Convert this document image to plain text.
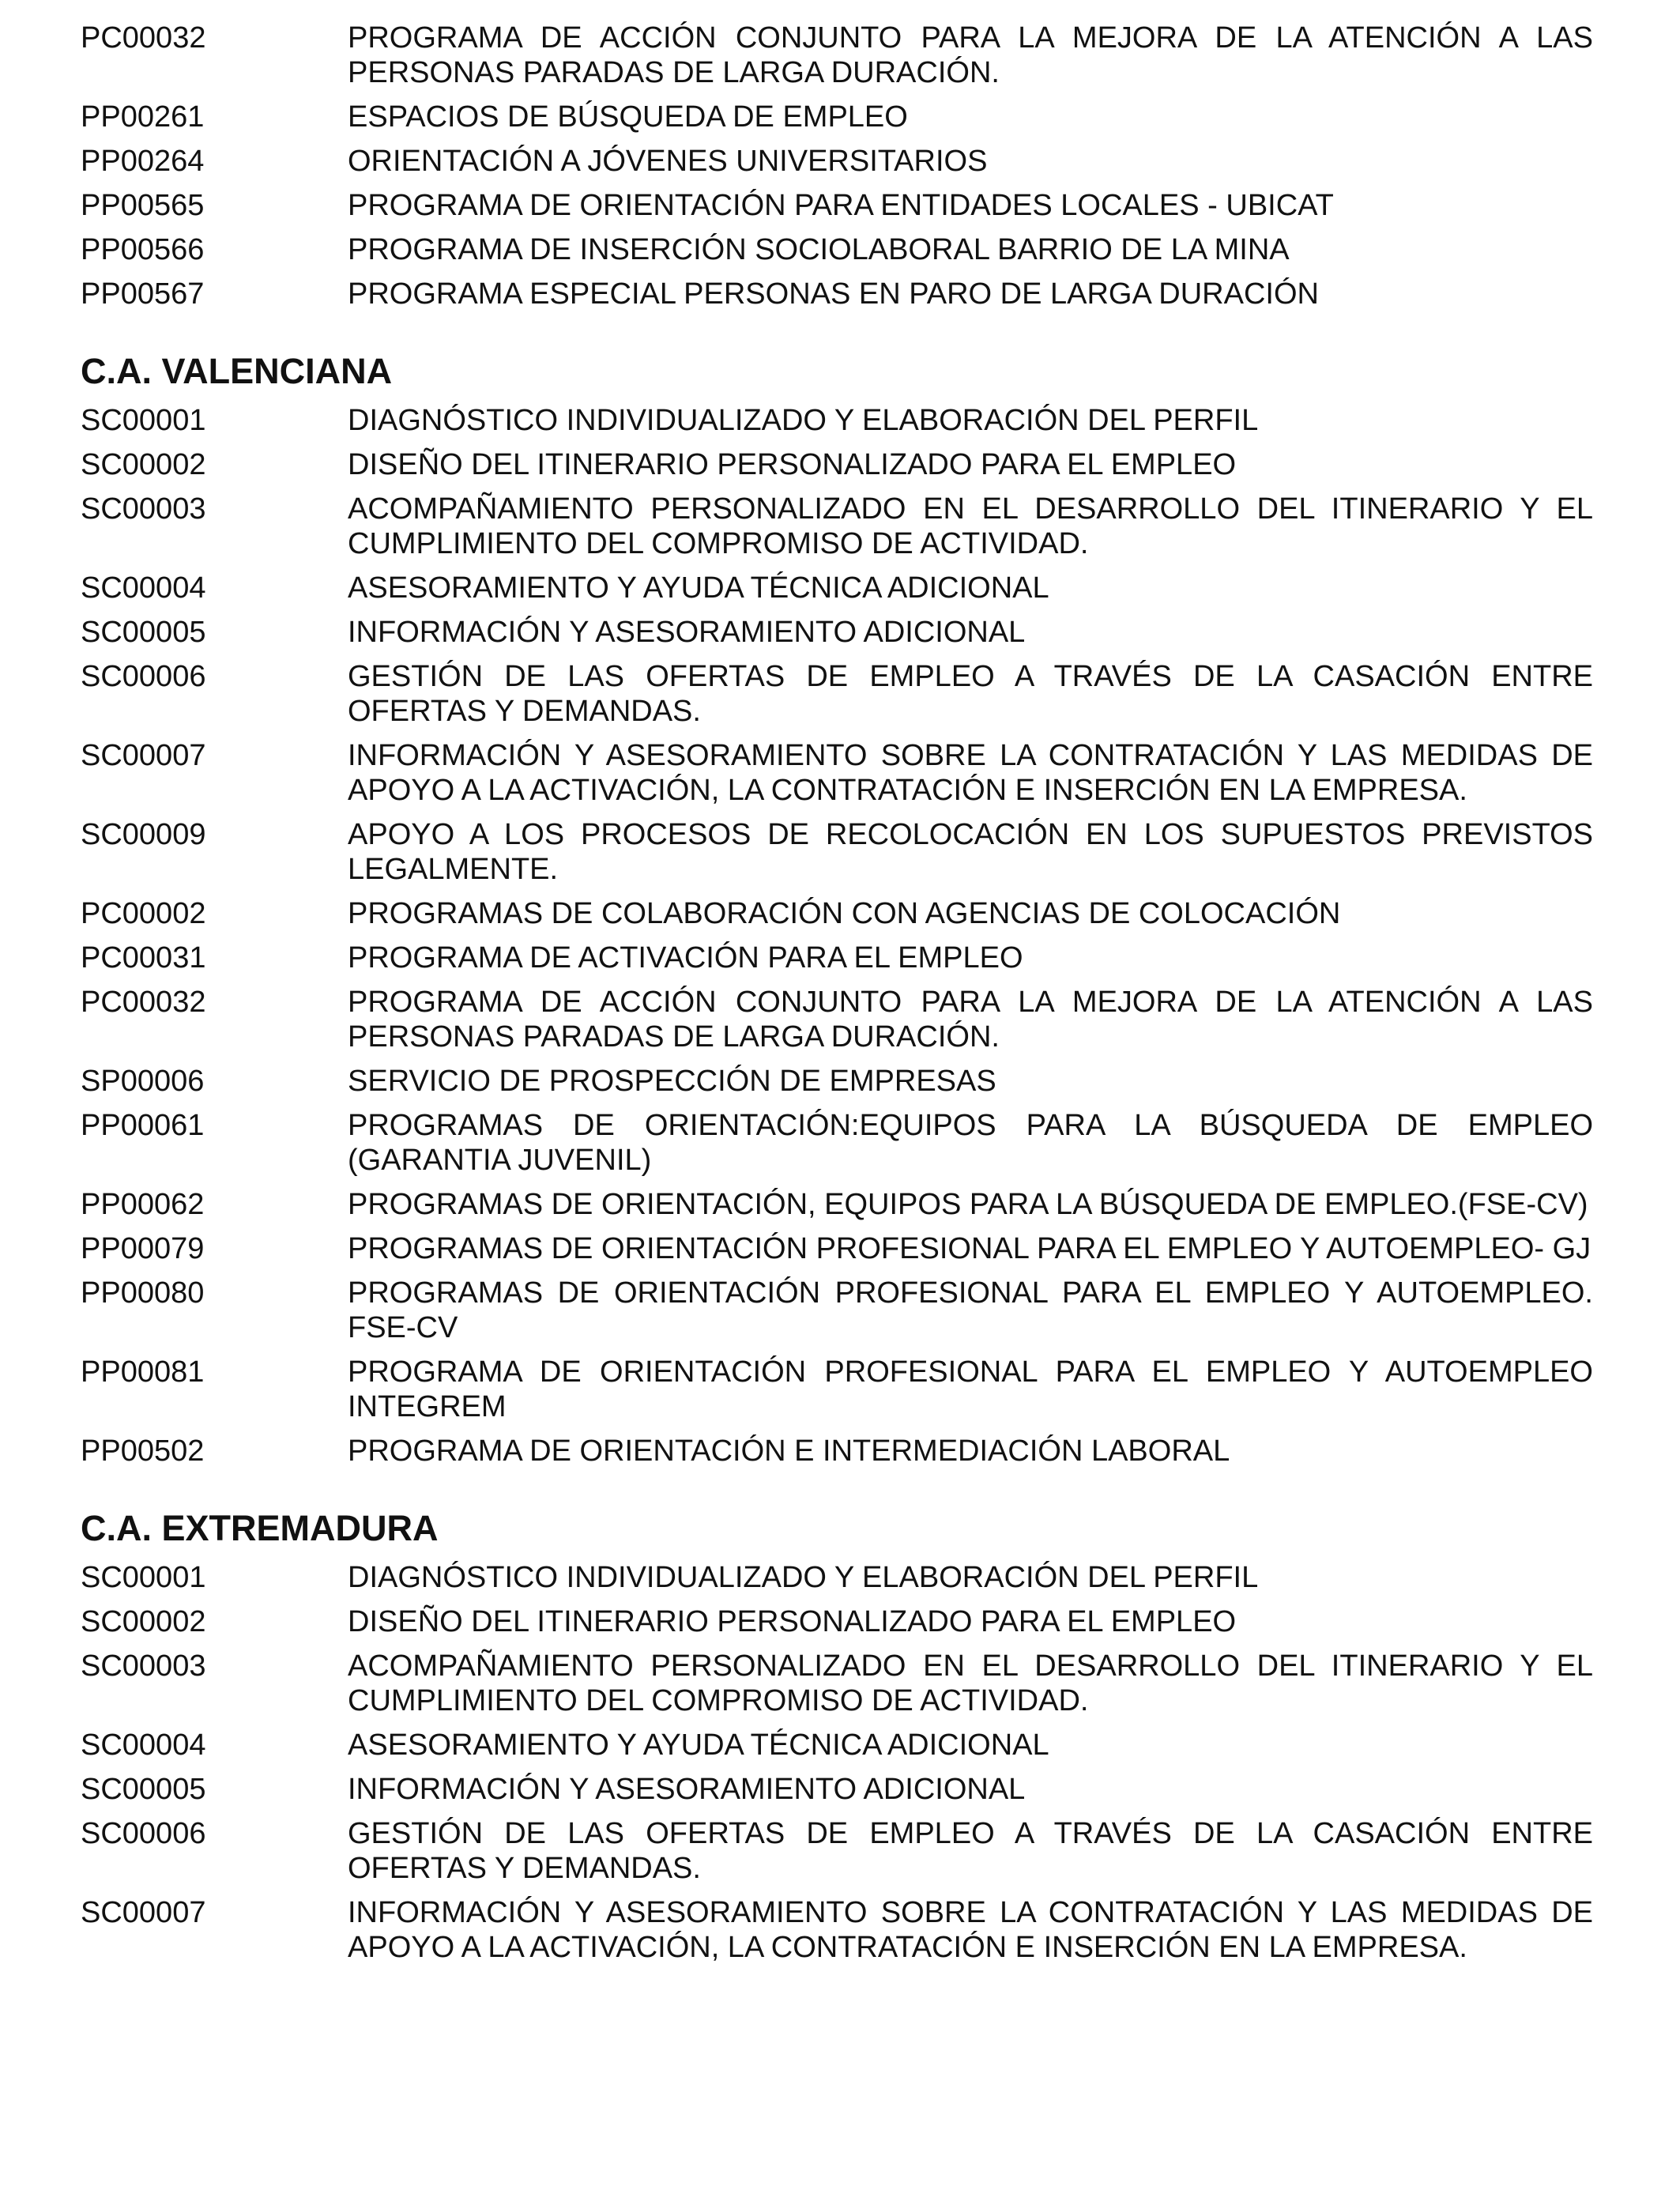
PC00032	PROGRAMA DE ACCIÓN CONJUNTO PARA LA MEJORA DE LA ATENCIÓN A LAS PERSONAS PARADAS DE LARGA DURACIÓN.
PP00261	ESPACIOS DE BÚSQUEDA DE EMPLEO
PP00264	ORIENTACIÓN A JÓVENES UNIVERSITARIOS
PP00565	PROGRAMA DE ORIENTACIÓN PARA ENTIDADES LOCALES - UBICAT
PP00566	PROGRAMA DE INSERCIÓN SOCIOLABORAL BARRIO DE LA MINA
PP00567	PROGRAMA ESPECIAL PERSONAS EN PARO DE LARGA DURACIÓN
C.A. VALENCIANA
SC00001	DIAGNÓSTICO INDIVIDUALIZADO Y ELABORACIÓN DEL PERFIL
SC00002	DISEÑO DEL ITINERARIO PERSONALIZADO PARA EL EMPLEO
SC00003	ACOMPAÑAMIENTO PERSONALIZADO EN EL DESARROLLO DEL ITINERARIO Y EL CUMPLIMIENTO DEL COMPROMISO DE ACTIVIDAD.
SC00004	ASESORAMIENTO Y AYUDA TÉCNICA ADICIONAL
SC00005	INFORMACIÓN Y ASESORAMIENTO ADICIONAL
SC00006	GESTIÓN DE LAS OFERTAS DE EMPLEO A TRAVÉS DE LA CASACIÓN ENTRE OFERTAS Y DEMANDAS.
SC00007	INFORMACIÓN Y ASESORAMIENTO SOBRE LA CONTRATACIÓN Y LAS MEDIDAS DE APOYO A LA ACTIVACIÓN, LA CONTRATACIÓN E INSERCIÓN EN LA EMPRESA.
SC00009	APOYO A LOS PROCESOS DE RECOLOCACIÓN EN LOS SUPUESTOS PREVISTOS LEGALMENTE.
PC00002	PROGRAMAS DE COLABORACIÓN CON AGENCIAS DE COLOCACIÓN
PC00031	PROGRAMA DE ACTIVACIÓN PARA EL EMPLEO
PC00032	PROGRAMA DE ACCIÓN CONJUNTO PARA LA MEJORA DE LA ATENCIÓN A LAS PERSONAS PARADAS DE LARGA DURACIÓN.
SP00006	SERVICIO DE PROSPECCIÓN DE EMPRESAS
PP00061	PROGRAMAS DE ORIENTACIÓN:EQUIPOS PARA LA BÚSQUEDA DE EMPLEO (GARANTIA JUVENIL)
PP00062	PROGRAMAS DE ORIENTACIÓN, EQUIPOS PARA LA BÚSQUEDA DE EMPLEO.(FSE-CV)
PP00079	PROGRAMAS DE ORIENTACIÓN PROFESIONAL PARA EL EMPLEO Y AUTOEMPLEO- GJ
PP00080	PROGRAMAS DE ORIENTACIÓN PROFESIONAL PARA EL EMPLEO Y AUTOEMPLEO. FSE-CV
PP00081	PROGRAMA DE ORIENTACIÓN PROFESIONAL PARA EL EMPLEO Y AUTOEMPLEO INTEGREM
PP00502	PROGRAMA DE ORIENTACIÓN E INTERMEDIACIÓN LABORAL
C.A. EXTREMADURA
SC00001	DIAGNÓSTICO INDIVIDUALIZADO Y ELABORACIÓN DEL PERFIL
SC00002	DISEÑO DEL ITINERARIO PERSONALIZADO PARA EL EMPLEO
SC00003	ACOMPAÑAMIENTO PERSONALIZADO EN EL DESARROLLO DEL ITINERARIO Y EL CUMPLIMIENTO DEL COMPROMISO DE ACTIVIDAD.
SC00004	ASESORAMIENTO Y AYUDA TÉCNICA ADICIONAL
SC00005	INFORMACIÓN Y ASESORAMIENTO ADICIONAL
SC00006	GESTIÓN DE LAS OFERTAS DE EMPLEO A TRAVÉS DE LA CASACIÓN ENTRE OFERTAS Y DEMANDAS.
SC00007	INFORMACIÓN Y ASESORAMIENTO SOBRE LA CONTRATACIÓN Y LAS MEDIDAS DE APOYO A LA ACTIVACIÓN, LA CONTRATACIÓN E INSERCIÓN EN LA EMPRESA.
